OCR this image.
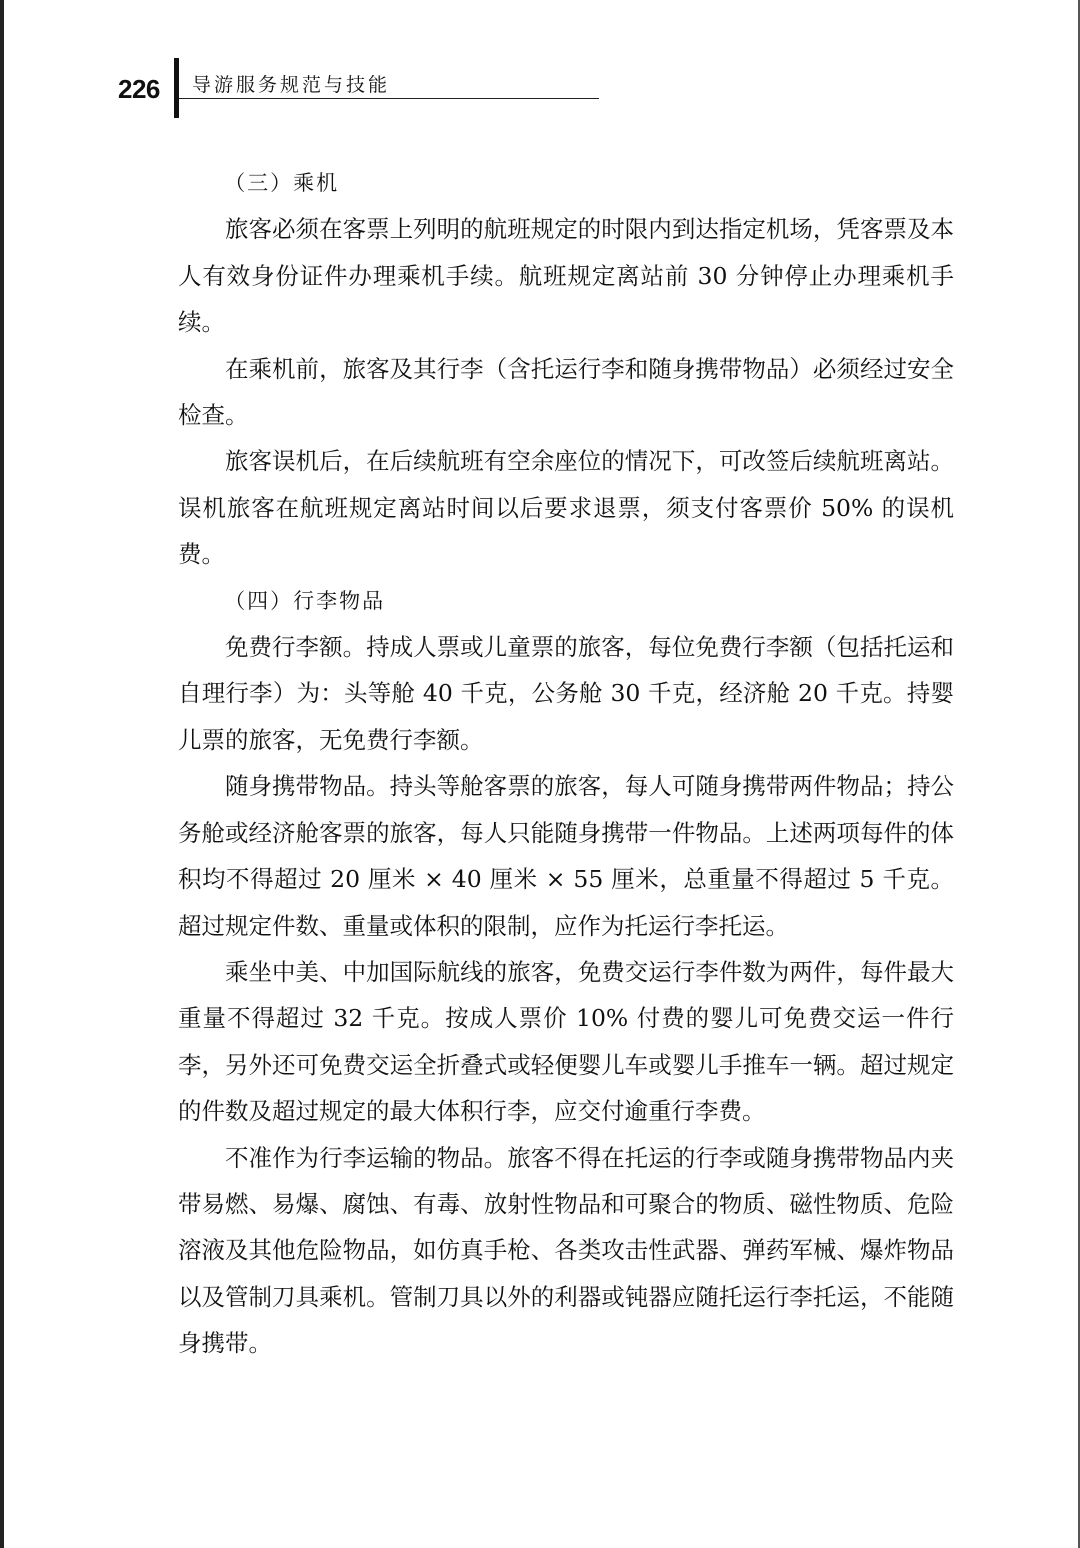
226 导游服务规范与技能

（三）乘机

旅客必须在客票上列明的航班规定的时限内到达指定机场，凭客票及本人有效身份证件办理乘机手续。航班规定离站前 30 分钟停止办理乘机手续。

在乘机前，旅客及其行李（含托运行李和随身携带物品）必须经过安全检查。

旅客误机后，在后续航班有空余座位的情况下，可改签后续航班离站。误机旅客在航班规定离站时间以后要求退票，须支付客票价 50% 的误机费。

（四）行李物品

免费行李额。持成人票或儿童票的旅客，每位免费行李额（包括托运和自理行李）为：头等舱 40 千克，公务舱 30 千克，经济舱 20 千克。持婴儿票的旅客，无免费行李额。

随身携带物品。持头等舱客票的旅客，每人可随身携带两件物品；持公务舱或经济舱客票的旅客，每人只能随身携带一件物品。上述两项每件的体积均不得超过 20 厘米 × 40 厘米 × 55 厘米，总重量不得超过 5 千克。超过规定件数、重量或体积的限制，应作为托运行李托运。

乘坐中美、中加国际航线的旅客，免费交运行李件数为两件，每件最大重量不得超过 32 千克。按成人票价 10% 付费的婴儿可免费交运一件行李，另外还可免费交运全折叠式或轻便婴儿车或婴儿手推车一辆。超过规定的件数及超过规定的最大体积行李，应交付逾重行李费。

不准作为行李运输的物品。旅客不得在托运的行李或随身携带物品内夹带易燃、易爆、腐蚀、有毒、放射性物品和可聚合的物质、磁性物质、危险溶液及其他危险物品，如仿真手枪、各类攻击性武器、弹药军械、爆炸物品以及管制刀具乘机。管制刀具以外的利器或钝器应随托运行李托运，不能随身携带。
